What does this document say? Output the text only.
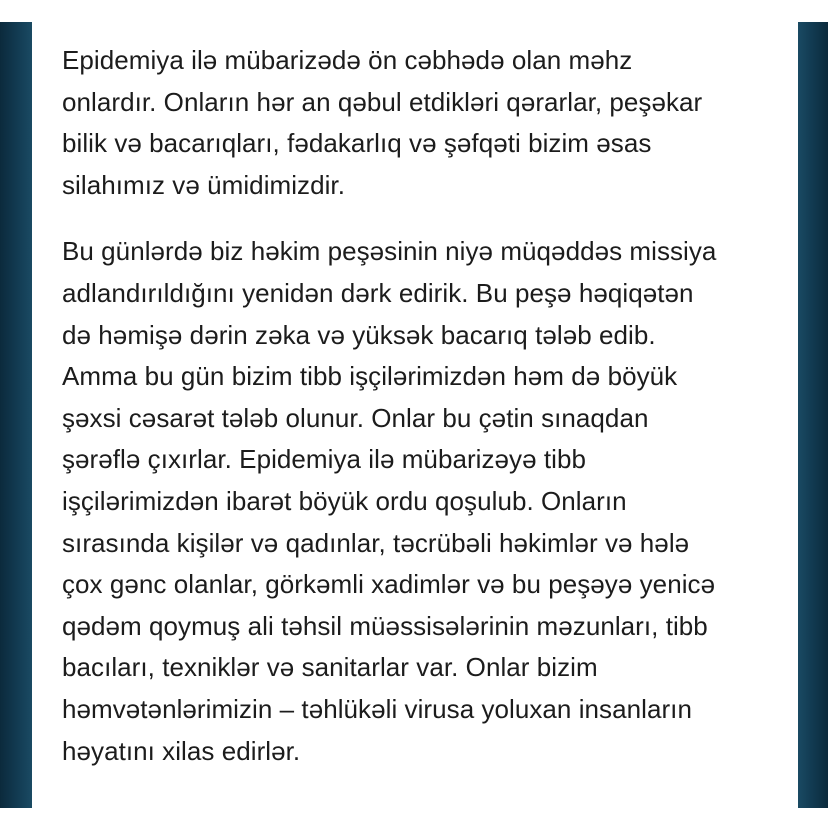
Epidemiya ilə mübarizədə ön cəbhədə olan məhz
onlardır. Onların hər an qəbul etdikləri qərarlar, peşəkar
bilik və bacarıqları, fədakarlıq və şəfqəti bizim əsas
silahımız və ümidimizdir.

Bu günlərdə biz həkim peşəsinin niyə müqəddəs missiya
adlandırıldığını yenidən dərk edirik. Bu peşə həqiqətən
də həmişə dərin zəka və yüksək bacarıq tələb edib.
Amma bu gün bizim tibb işçilərimizdən həm də böyük
şəxsi cəsarət tələb olunur. Onlar bu çətin sınaqdan
şərəflə çıxırlar. Epidemiya ilə mübarizəyə tibb
işçilərimizdən ibarət böyük ordu qoşulub. Onların
sırasında kişilər və qadınlar, təcrübəli həkimlər və hələ
çox gənc olanlar, görkəmli xadimlər və bu peşəyə yenicə
qədəm qoymuş ali təhsil müəssisələrinin məzunları, tibb
bacıları, texniklər və sanitarlar var. Onlar bizim
həmvətənlərimizin – təhlükəli virusa yoluxan insanların
həyatını xilas edirlər.
